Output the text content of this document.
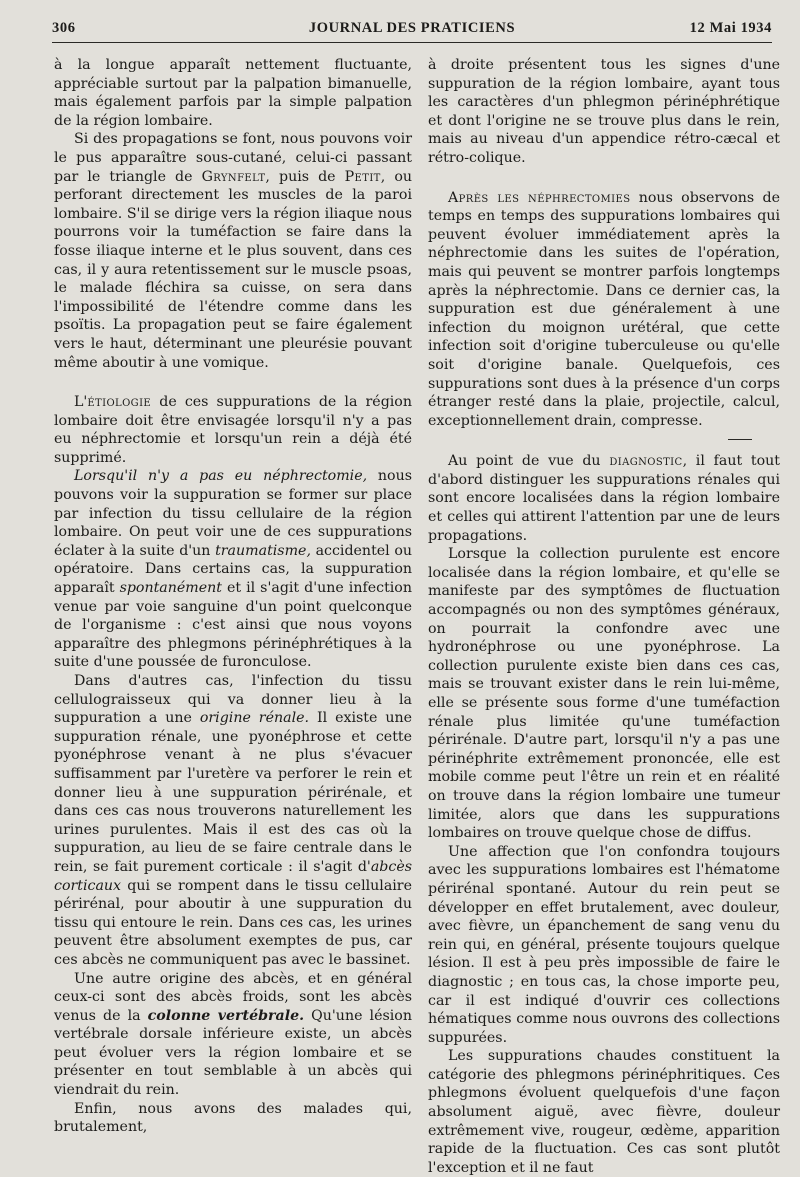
306	JOURNAL DES PRATICIENS	12 Mai 1934

à la longue apparaît nettement fluctuante, appréciable surtout par la palpation bimanuelle, mais également parfois par la simple palpation de la région lombaire.

Si des propagations se font, nous pouvons voir le pus apparaître sous-cutané, celui-ci passant par le triangle de Grynfelt, puis de Petit, ou perforant directement les muscles de la paroi lombaire. S'il se dirige vers la région iliaque nous pourrons voir la tuméfaction se faire dans la fosse iliaque interne et le plus souvent, dans ces cas, il y aura retentissement sur le muscle psoas, le malade fléchira sa cuisse, on sera dans l'impossibilité de l'étendre comme dans les psoïtis. La propagation peut se faire également vers le haut, déterminant une pleurésie pouvant même aboutir à une vomique.

L'étiologie de ces suppurations de la région lombaire doit être envisagée lorsqu'il n'y a pas eu néphrectomie et lorsqu'un rein a déjà été supprimé.

Lorsqu'il n'y a pas eu néphrectomie, nous pouvons voir la suppuration se former sur place par infection du tissu cellulaire de la région lombaire. On peut voir une de ces suppurations éclater à la suite d'un traumatisme, accidentel ou opératoire. Dans certains cas, la suppuration apparaît spontanément et il s'agit d'une infection venue par voie sanguine d'un point quelconque de l'organisme : c'est ainsi que nous voyons apparaître des phlegmons périnéphrétiques à la suite d'une poussée de furonculose.

Dans d'autres cas, l'infection du tissu cellulograisseux qui va donner lieu à la suppuration a une origine rénale. Il existe une suppuration rénale, une pyonéphrose et cette pyonéphrose venant à ne plus s'évacuer suffisamment par l'uretère va perforer le rein et donner lieu à une suppuration périrénale, et dans ces cas nous trouverons naturellement les urines purulentes. Mais il est des cas où la suppuration, au lieu de se faire centrale dans le rein, se fait purement corticale : il s'agit d'abcès corticaux qui se rompent dans le tissu cellulaire périrénal, pour aboutir à une suppuration du tissu qui entoure le rein. Dans ces cas, les urines peuvent être absolument exemptes de pus, car ces abcès ne communiquent pas avec le bassinet.

Une autre origine des abcès, et en général ceux-ci sont des abcès froids, sont les abcès venus de la colonne vertébrale. Qu'une lésion vertébrale dorsale inférieure existe, un abcès peut évoluer vers la région lombaire et se présenter en tout semblable à un abcès qui viendrait du rein.

Enfin, nous avons des malades qui, brutalement,

à droite présentent tous les signes d'une suppuration de la région lombaire, ayant tous les caractères d'un phlegmon périnéphrétique et dont l'origine ne se trouve plus dans le rein, mais au niveau d'un appendice rétro-cæcal et rétro-colique.

Après les néphrectomies nous observons de temps en temps des suppurations lombaires qui peuvent évoluer immédiatement après la néphrectomie dans les suites de l'opération, mais qui peuvent se montrer parfois longtemps après la néphrectomie. Dans ce dernier cas, la suppuration est due généralement à une infection du moignon urétéral, que cette infection soit d'origine tuberculeuse ou qu'elle soit d'origine banale. Quelquefois, ces suppurations sont dues à la présence d'un corps étranger resté dans la plaie, projectile, calcul, exceptionnellement drain, compresse.

Au point de vue du diagnostic, il faut tout d'abord distinguer les suppurations rénales qui sont encore localisées dans la région lombaire et celles qui attirent l'attention par une de leurs propagations.

Lorsque la collection purulente est encore localisée dans la région lombaire, et qu'elle se manifeste par des symptômes de fluctuation accompagnés ou non des symptômes généraux, on pourrait la confondre avec une hydronéphrose ou une pyonéphrose. La collection purulente existe bien dans ces cas, mais se trouvant exister dans le rein lui-même, elle se présente sous forme d'une tuméfaction rénale plus limitée qu'une tuméfaction périrénale. D'autre part, lorsqu'il n'y a pas une périnéphrite extrêmement prononcée, elle est mobile comme peut l'être un rein et en réalité on trouve dans la région lombaire une tumeur limitée, alors que dans les suppurations lombaires on trouve quelque chose de diffus.

Une affection que l'on confondra toujours avec les suppurations lombaires est l'hématome périrénal spontané. Autour du rein peut se développer en effet brutalement, avec douleur, avec fièvre, un épanchement de sang venu du rein qui, en général, présente toujours quelque lésion. Il est à peu près impossible de faire le diagnostic ; en tous cas, la chose importe peu, car il est indiqué d'ouvrir ces collections hématiques comme nous ouvrons des collections suppurées.

Les suppurations chaudes constituent la catégorie des phlegmons périnéphritiques. Ces phlegmons évoluent quelquefois d'une façon absolument aiguë, avec fièvre, douleur extrêmement vive, rougeur, œdème, apparition rapide de la fluctuation. Ces cas sont plutôt l'exception et il ne faut
